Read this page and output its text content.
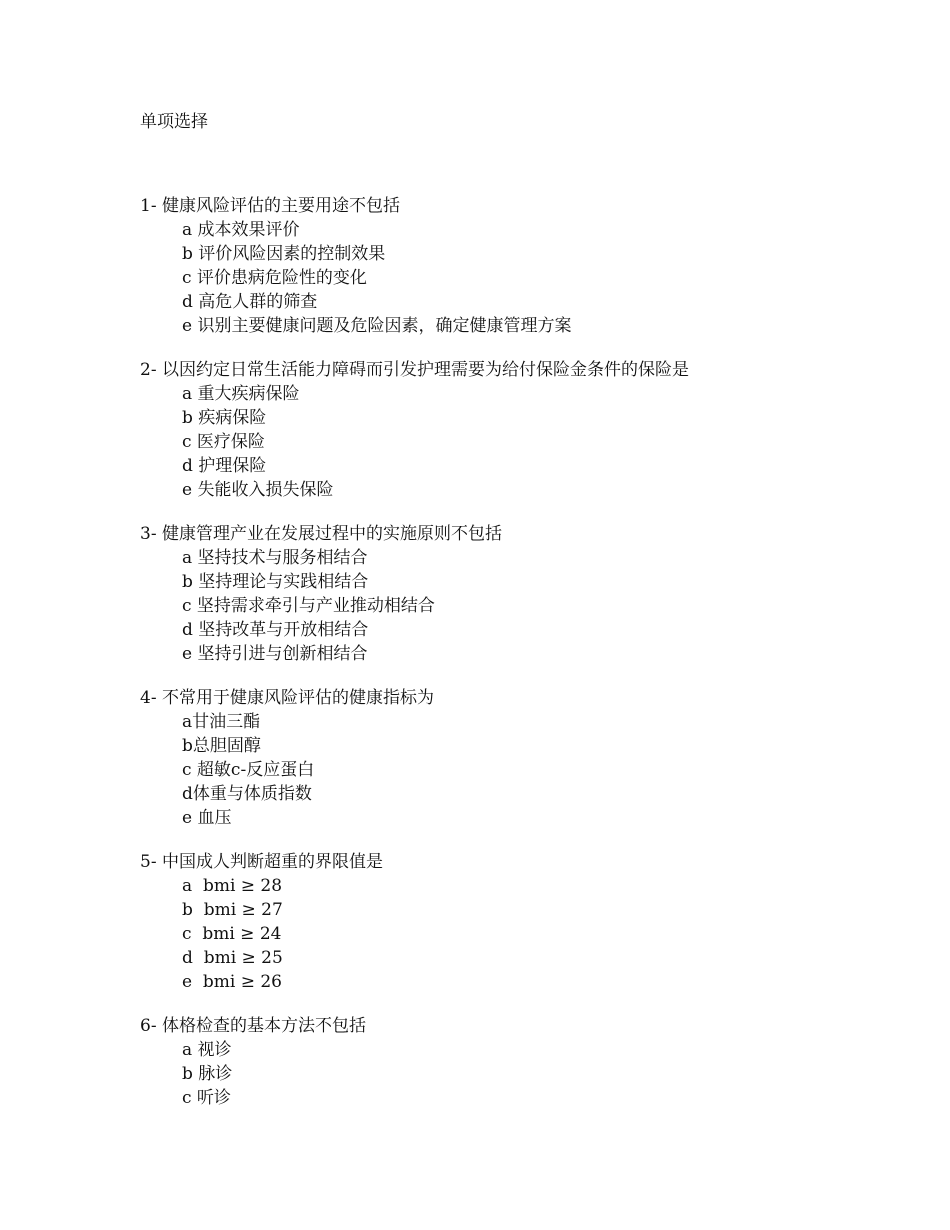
单项选择
1- 健康风险评估的主要用途不包括
a 成本效果评价
b 评价风险因素的控制效果
c 评价患病危险性的变化
d 高危人群的筛查
e 识别主要健康问题及危险因素，确定健康管理方案
2- 以因约定日常生活能力障碍而引发护理需要为给付保险金条件的保险是
a 重大疾病保险
b 疾病保险
c 医疗保险
d 护理保险
e 失能收入损失保险
3- 健康管理产业在发展过程中的实施原则不包括
a 坚持技术与服务相结合
b 坚持理论与实践相结合
c 坚持需求牵引与产业推动相结合
d 坚持改革与开放相结合
e 坚持引进与创新相结合
4- 不常用于健康风险评估的健康指标为
a甘油三酯
b总胆固醇
c 超敏c-反应蛋白
d体重与体质指数
e 血压
5- 中国成人判断超重的界限值是
a  bmi ≥ 28
b  bmi ≥ 27
c  bmi ≥ 24
d  bmi ≥ 25
e  bmi ≥ 26
6- 体格检查的基本方法不包括
a 视诊
b 脉诊
c 听诊
